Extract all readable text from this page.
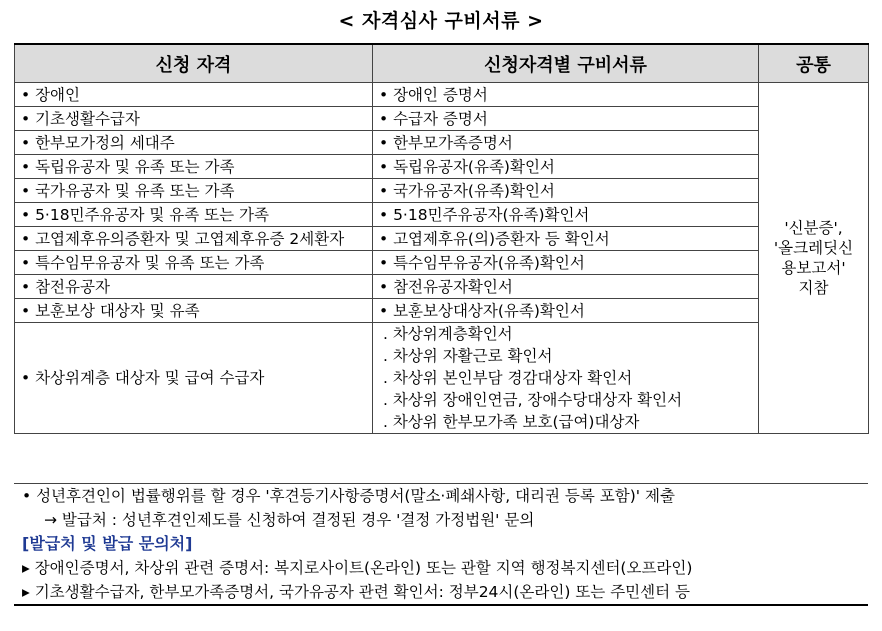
< 자격심사 구비서류 >
신청 자격	신청자격별 구비서류	공통
• 장애인	• 장애인 증명서	'신분증',
'올크레딧신
용보고서'
지참

• 기초생활수급자	• 수급자 증명서	
• 한부모가정의 세대주	• 한부모가족증명서	
• 독립유공자 및 유족 또는 가족	• 독립유공자(유족)확인서	
• 국가유공자 및 유족 또는 가족	• 국가유공자(유족)확인서	
• 5·18민주유공자 및 유족 또는 가족	• 5·18민주유공자(유족)확인서	
• 고엽제후유의증환자 및 고엽제후유증 2세환자	• 고엽제후유(의)증환자 등 확인서	
• 특수임무유공자 및 유족 또는 가족	• 특수임무유공자(유족)확인서	
• 참전유공자	• 참전유공자확인서	
• 보훈보상 대상자 및 유족	• 보훈보상대상자(유족)확인서	
• 차상위계층 대상자 및 급여 수급자	. 차상위계층확인서
. 차상위 자활근로 확인서
. 차상위 본인부담 경감대상자 확인서
. 차상위 장애인연금, 장애수당대상자 확인서
. 차상위 한부모가족 보호(급여)대상자	
• 성년후견인이 법률행위를 할 경우 '후견등기사항증명서(말소·폐쇄사항, 대리권 등록 포함)' 제출
→ 발급처 : 성년후견인제도를 신청하여 결정된 경우 '결정 가정법원' 문의
[발급처 및 발급 문의처]
▸ 장애인증명서, 차상위 관련 증명서: 복지로사이트(온라인) 또는 관할 지역 행정복지센터(오프라인)
▸ 기초생활수급자, 한부모가족증명서, 국가유공자 관련 확인서: 정부24시(온라인) 또는 주민센터 등
